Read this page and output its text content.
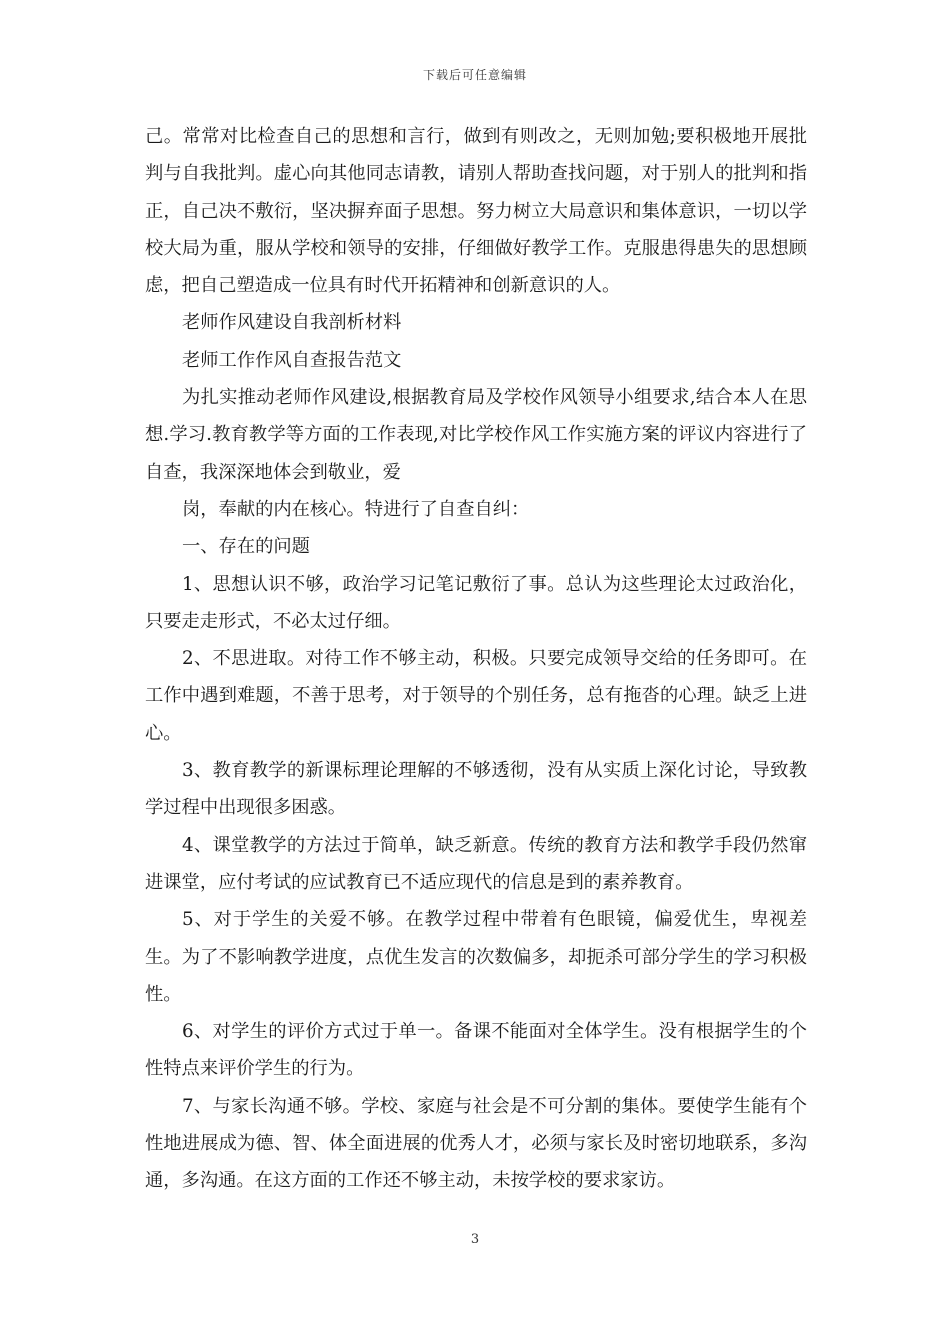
下载后可任意编辑

己。常常对比检查自己的思想和言行，做到有则改之，无则加勉;要积极地开展批判与自我批判。虚心向其他同志请教，请别人帮助查找问题，对于别人的批判和指正，自己决不敷衍，坚决摒弃面子思想。努力树立大局意识和集体意识，一切以学校大局为重，服从学校和领导的安排，仔细做好教学工作。克服患得患失的思想顾虑，把自己塑造成一位具有时代开拓精神和创新意识的人。

老师作风建设自我剖析材料

老师工作作风自查报告范文

为扎实推动老师作风建设,根据教育局及学校作风领导小组要求,结合本人在思想.学习.教育教学等方面的工作表现,对比学校作风工作实施方案的评议内容进行了自查，我深深地体会到敬业，爱

岗，奉献的内在核心。特进行了自查自纠：

一、存在的问题

1、思想认识不够，政治学习记笔记敷衍了事。总认为这些理论太过政治化，只要走走形式，不必太过仔细。

2、不思进取。对待工作不够主动，积极。只要完成领导交给的任务即可。在工作中遇到难题，不善于思考，对于领导的个别任务，总有拖沓的心理。缺乏上进心。

3、教育教学的新课标理论理解的不够透彻，没有从实质上深化讨论，导致教学过程中出现很多困惑。

4、课堂教学的方法过于简单，缺乏新意。传统的教育方法和教学手段仍然窜进课堂，应付考试的应试教育已不适应现代的信息是到的素养教育。

5、对于学生的关爱不够。在教学过程中带着有色眼镜，偏爱优生，卑视差生。为了不影响教学进度，点优生发言的次数偏多，却扼杀可部分学生的学习积极性。

6、对学生的评价方式过于单一。备课不能面对全体学生。没有根据学生的个性特点来评价学生的行为。

7、与家长沟通不够。学校、家庭与社会是不可分割的集体。要使学生能有个性地进展成为德、智、体全面进展的优秀人才，必须与家长及时密切地联系，多沟通，多沟通。在这方面的工作还不够主动，未按学校的要求家访。

3
